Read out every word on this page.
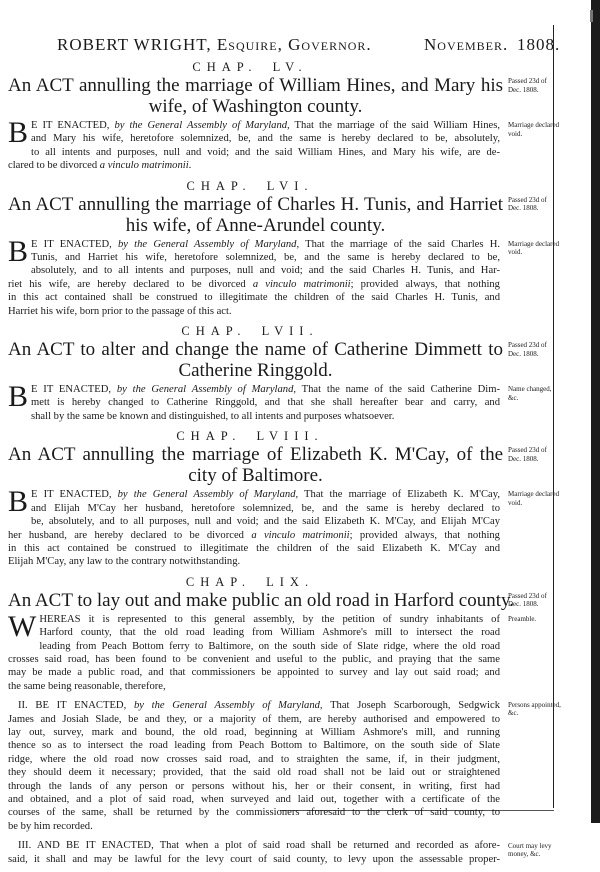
ROBERT WRIGHT, Esquire, Governor.	November. 1808.
CHAP. LV.
An ACT annulling the marriage of William Hines, and Mary his
wife, of Washington county.
B E IT ENACTED, by the General Assembly of Maryland, That the marriage of the said William Hines,
and Mary his wife, heretofore solemnized, be, and the same is hereby declared to be, absolutely,
to all intents and purposes, null and void; and the said William Hines, and Mary his wife, are de-
clared to be divorced a vinculo matrimonii.
Passed 23d of
Dec. 1808.
Marriage declared
void.
CHAP. LVI.
An ACT annulling the marriage of Charles H. Tunis, and Harriet
his wife, of Anne-Arundel county.
B E IT ENACTED, by the General Assembly of Maryland, That the marriage of the said Charles H.
Tunis, and Harriet his wife, heretofore solemnized, be, and the same is hereby declared to be,
absolutely, and to all intents and purposes, null and void; and the said Charles H. Tunis, and Har-
riet his wife, are hereby declared to be divorced a vinculo matrimonii; provided always, that nothing
in this act contained shall be construed to illegitimate the children of the said Charles H. Tunis, and
Harriet his wife, born prior to the passage of this act.
Passed 23d of
Dec. 1808.
Marriage declared
void.
CHAP. LVII.
An ACT to alter and change the name of Catherine Dimmett to
Catherine Ringgold.
B E IT ENACTED, by the General Assembly of Maryland, That the name of the said Catherine Dim-
mett is hereby changed to Catherine Ringgold, and that she shall hereafter bear and carry, and
shall by the same be known and distinguished, to all intents and purposes whatsoever.
Passed 23d of
Dec. 1808.
Name changed,
&c.
CHAP. LVIII.
An ACT annulling the marriage of Elizabeth K. M'Cay, of the
city of Baltimore.
B E IT ENACTED, by the General Assembly of Maryland, That the marriage of Elizabeth K. M'Cay,
and Elijah M'Cay her husband, heretofore solemnized, be, and the same is hereby declared to
be, absolutely, and to all purposes, null and void; and the said Elizabeth K. M'Cay, and Elijah M'Cay
her husband, are hereby declared to be divorced a vinculo matrimonii; provided always, that nothing
in this act contained be construed to illegitimate the children of the said Elizabeth K. M'Cay and
Elijah M'Cay, any law to the contrary notwithstanding.
Passed 23d of
Dec. 1808.
Marriage declared
void.
CHAP. LIX.
An ACT to lay out and make public an old road in Harford county.
W HEREAS it is represented to this general assembly, by the petition of sundry inhabitants of
Harford county, that the old road leading from William Ashmore's mill to intersect the road
leading from Peach Bottom ferry to Baltimore, on the south side of Slate ridge, where the old road
crosses said road, has been found to be convenient and useful to the public, and praying that the same
may be made a public road, and that commissioners be appointed to survey and lay out said road; and
the same being reasonable, therefore,
II. BE IT ENACTED, by the General Assembly of Maryland, That Joseph Scarborough, Sedgwick
James and Josiah Slade, be and they, or a majority of them, are hereby authorised and empowered to
lay out, survey, mark and bound, the old road, beginning at William Ashmore's mill, and running
thence so as to intersect the road leading from Peach Bottom to Baltimore, on the south side of Slate
ridge, where the old road now crosses said road, and to straighten the same, if, in their judgment,
they should deem it necessary; provided, that the said old road shall not be laid out or straightened
through the lands of any person or persons without his, her or their consent, in writing, first had
and obtained, and a plot of said road, when surveyed and laid out, together with a certificate of the
courses of the same, shall be returned by the commissioners aforesaid to the clerk of said county, to
be by him recorded.
III. AND BE IT ENACTED, That when a plot of said road shall be returned and recorded as afore-
said, it shall and may be lawful for the levy court of said county, to levy upon the assessable proper-
Passed 23d of
Dec. 1808.
Preamble.
Persons appointed,
&c.
Court may levy
money, &c.
